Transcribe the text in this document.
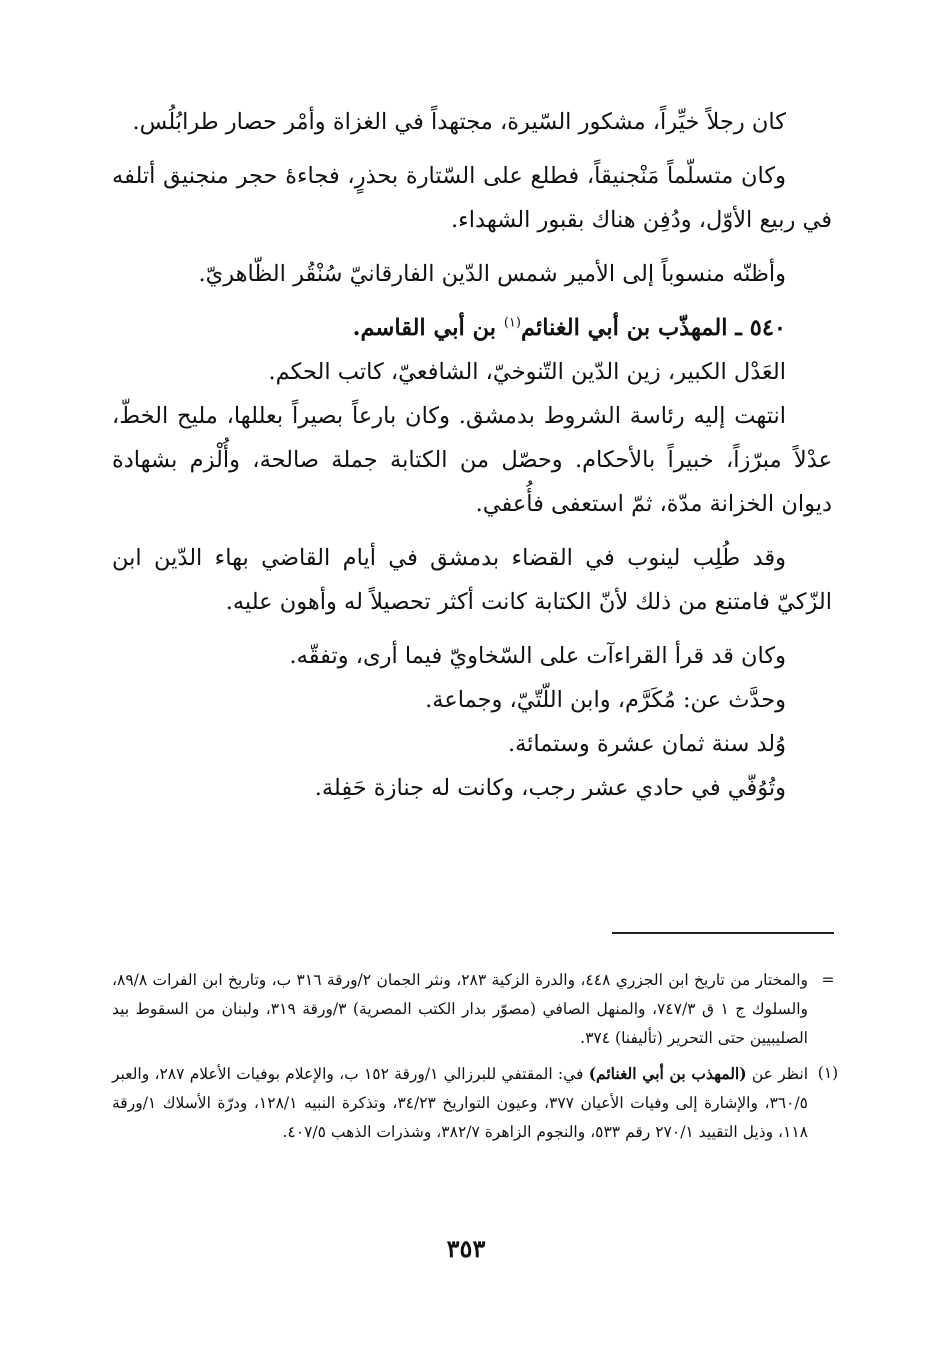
كان رجلاً خيِّراً، مشكور السّيرة، مجتهداً في الغزاة وأمْر حصار طرابُلُس.

وكان متسلّماً مَنْجنيقاً، فطلع على السّتارة بحذرٍ، فجاءهٔ حجر منجنيق أتلفه في ربيع الأوّل، ودُفِن هناك بقبور الشهداء.

وأظنّه منسوباً إلى الأمير شمس الدّين الفارقانيّ سُنْقُر الظّاهريّ.

٥٤٠ ـ المهذّب بن أبي الغنائم$^{(١)}$ بن أبي القاسم.

العَدْل الكبير، زين الدّين التّنوخيّ، الشافعيّ، كاتب الحكم.

انتهت إليه رئاسة الشروط بدمشق. وكان بارعاً بصيراً بعللها، مليح الخطّ، عدْلاً مبرّزاً، خبيراً بالأحكام. وحصّل من الكتابة جملة صالحة، وأُلْزم بشهادة ديوان الخزانة مدّة، ثمّ استعفى فأُعفي.

وقد طُلِب لينوب في القضاء بدمشق في أيام القاضي بهاء الدّين ابن الزّكيّ فامتنع من ذلك لأنّ الكتابة كانت أكثر تحصيلاً له وأهون عليه.

وكان قد قرأ القراءآت على السّخاويّ فيما أرى، وتفقّه.

وحدَّث عن: مُكَرَّم، وابن اللّتّيّ، وجماعة.

وُلد سنة ثمان عشرة وستمائة.

وتُوُفّي في حادي عشر رجب، وكانت له جنازة حَفِلة.

=
والمختار من تاريخ ابن الجزري ٤٤٨، والدرة الزكية ٢٨٣، ونثر الجمان ٢/ورقة ٣١٦ ب، وتاريخ ابن الفرات ٨٩/٨، والسلوك ج ١ ق ٧٤٧/٣، والمنهل الصافي (مصوّر بدار الكتب المصرية) ٣/ورقة ٣١٩، ولبنان من السقوط بيد الصليبيين حتى التحرير (تأليفنا) ٣٧٤.
(١)
انظر عن (المهذب بن أبي الغنائم) في: المقتفي للبرزالي ١/ورقة ١٥٢ ب، والإعلام بوفيات الأعلام ٢٨٧، والعبر ٣٦٠/٥، والإشارة إلى وفيات الأعيان ٣٧٧، وعيون التواريخ ٣٤/٢٣، وتذكرة النبيه ١٢٨/١، ودرّة الأسلاك ١/ورقة ١١٨، وذيل التقييد ٢٧٠/١ رقم ٥٣٣، والنجوم الزاهرة ٣٨٢/٧، وشذرات الذهب ٤٠٧/٥.
٣٥٣
